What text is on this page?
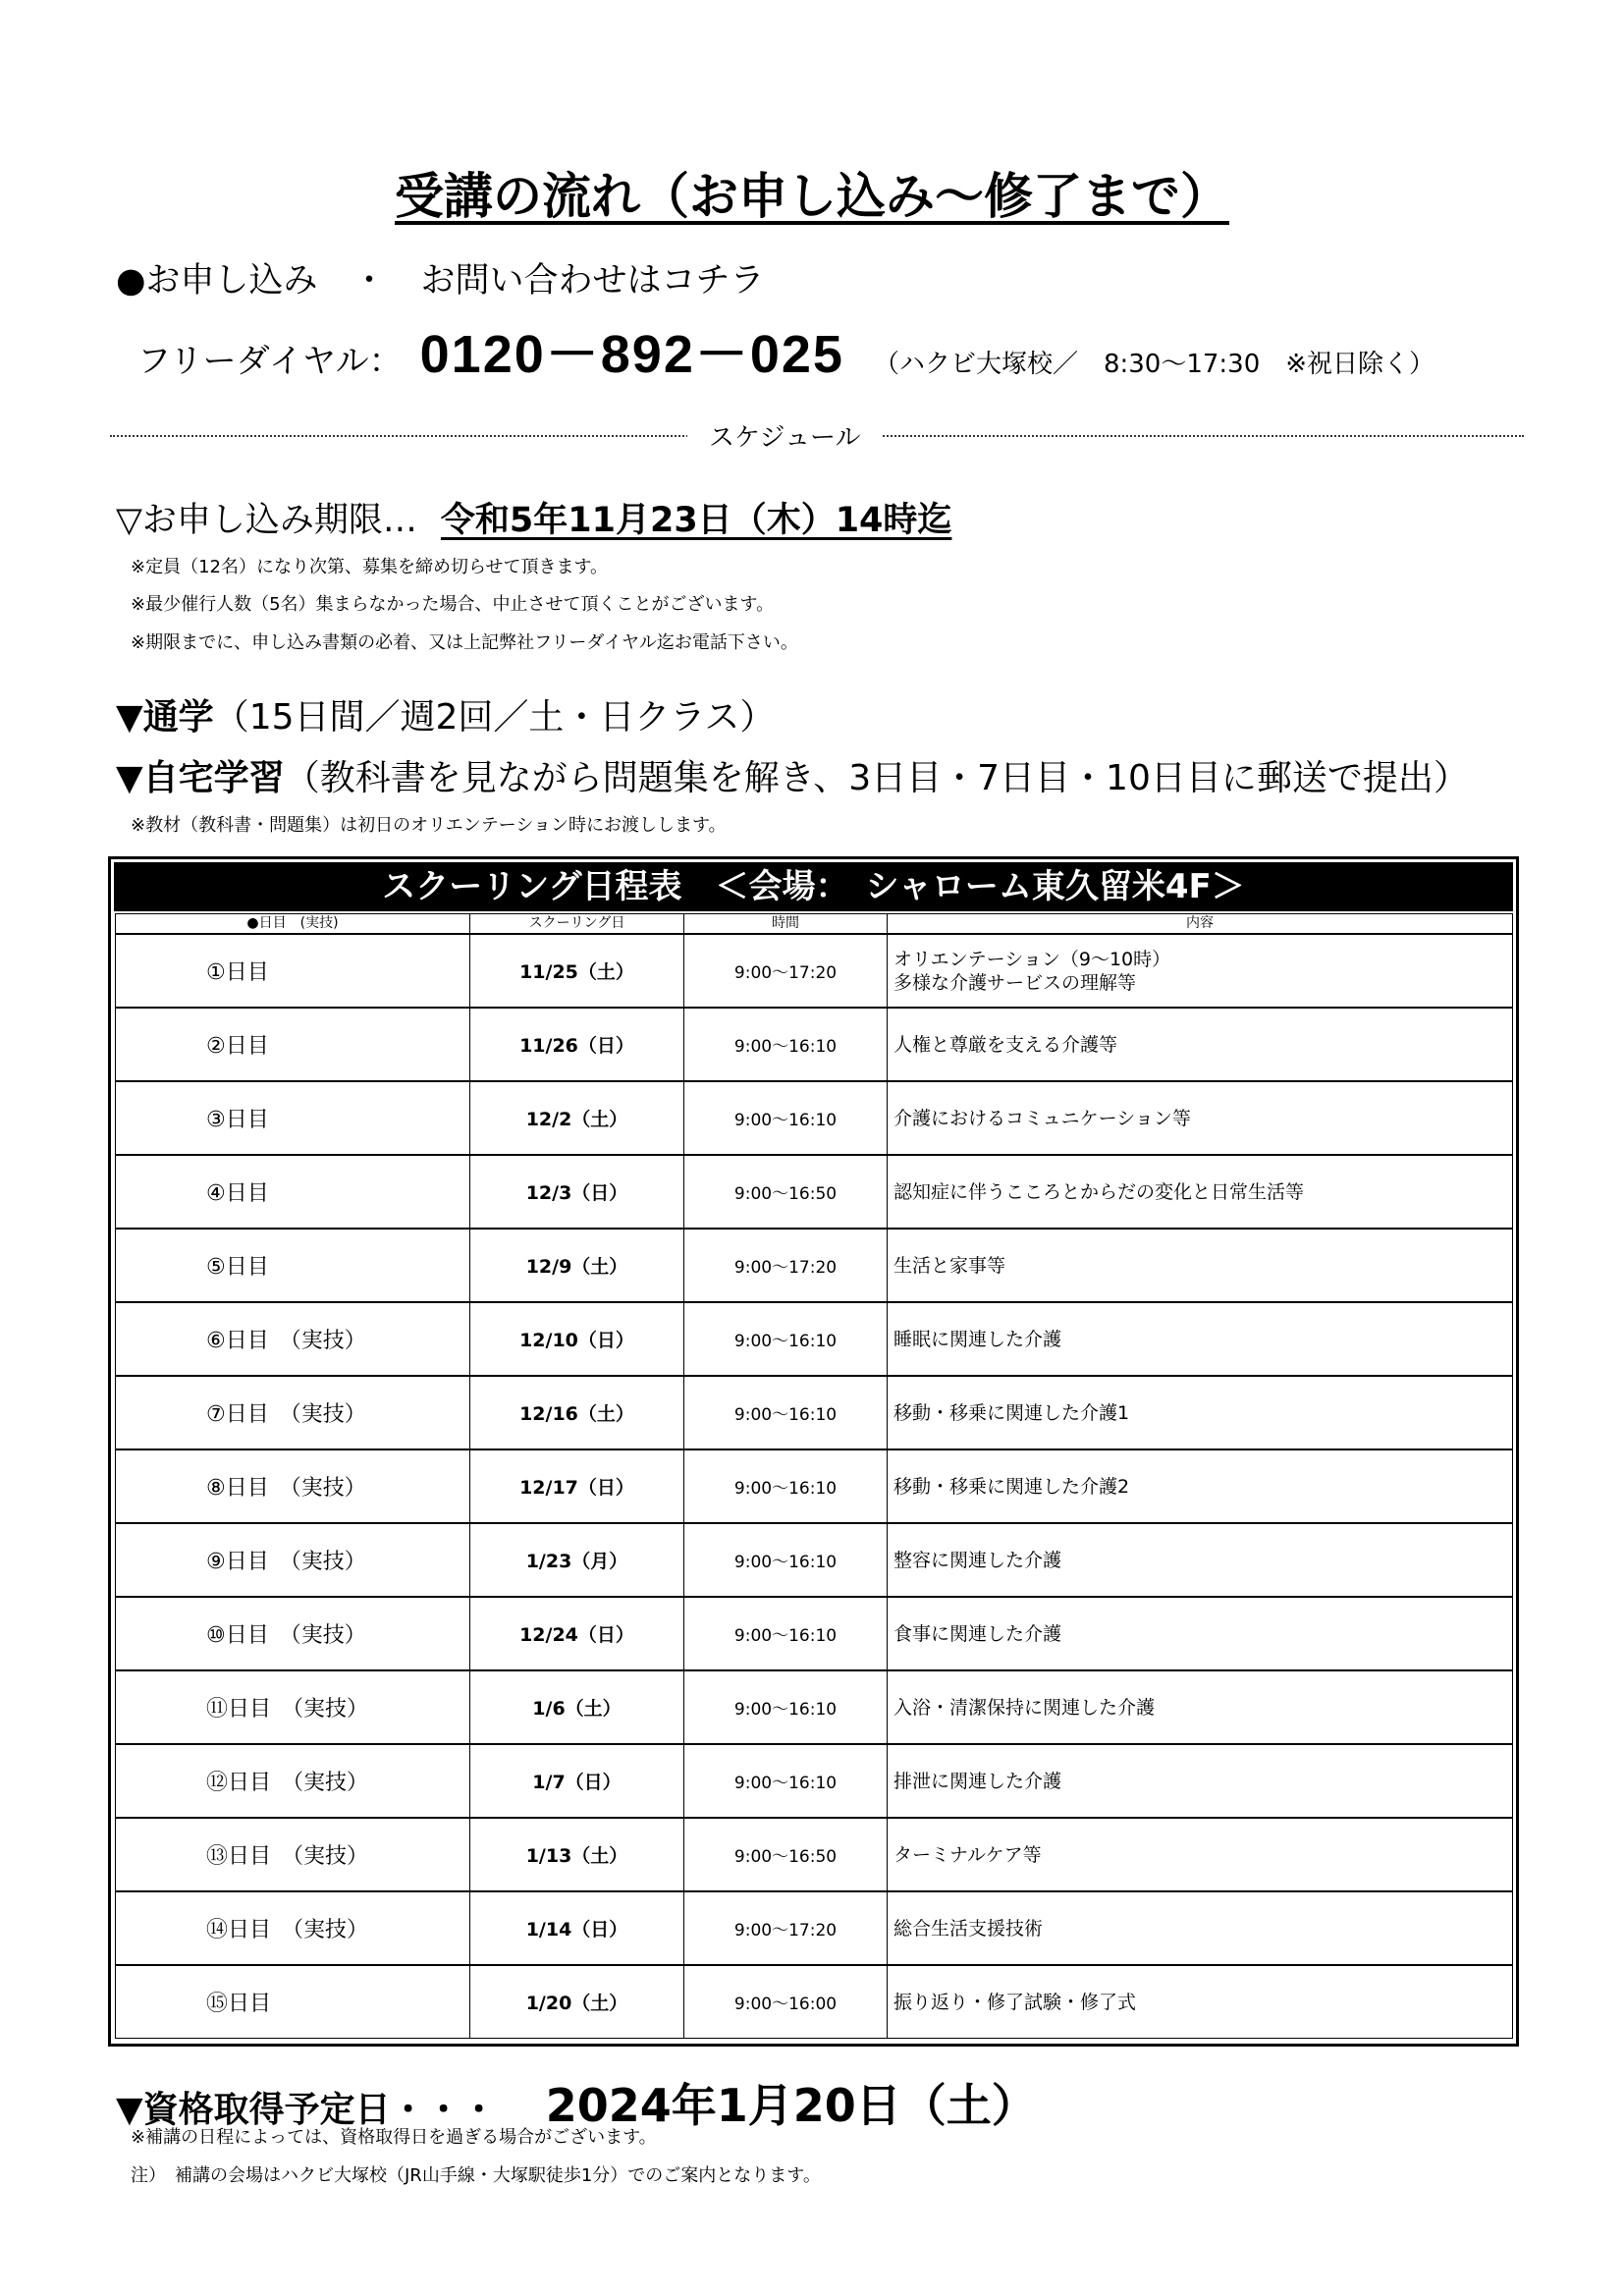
受講の流れ（お申し込み～修了まで）
●お申し込み　・　お問い合わせはコチラ
フリーダイヤル： 0120－892－025 （ハクビ大塚校／　8:30～17:30　※祝日除く）
スケジュール
▽お申し込み期限… 令和5年11月23日（木）14時迄
※定員（12名）になり次第、募集を締め切らせて頂きます。
※最少催行人数（5名）集まらなかった場合、中止させて頂くことがございます。
※期限までに、申し込み書類の必着、又は上記弊社フリーダイヤル迄お電話下さい。
▼通学（15日間／週2回／土・日クラス）
▼自宅学習（教科書を見ながら問題集を解き、3日目・7日目・10日目に郵送で提出）
※教材（教科書・問題集）は初日のオリエンテーション時にお渡しします。
スクーリング日程表　＜会場：　シャローム東久留米4F＞
●日目　(実技)	スクーリング日	時間	内容
①日目	11/25（土）	9:00～17:20	オリエンテーション（9～10時）
多様な介護サービスの理解等
②日目	11/26（日）	9:00～16:10	人権と尊厳を支える介護等
③日目	12/2（土）	9:00～16:10	介護におけるコミュニケーション等
④日目	12/3（日）	9:00～16:50	認知症に伴うこころとからだの変化と日常生活等
⑤日目	12/9（土）	9:00～17:20	生活と家事等
⑥日目　（実技）	12/10（日）	9:00～16:10	睡眠に関連した介護
⑦日目　（実技）	12/16（土）	9:00～16:10	移動・移乗に関連した介護1
⑧日目　（実技）	12/17（日）	9:00～16:10	移動・移乗に関連した介護2
⑨日目　（実技）	1/23（月）	9:00～16:10	整容に関連した介護
⑩日目　（実技）	12/24（日）	9:00～16:10	食事に関連した介護
⑪日目　（実技）	1/6（土）	9:00～16:10	入浴・清潔保持に関連した介護
⑫日目　（実技）	1/7（日）	9:00～16:10	排泄に関連した介護
⑬日目　（実技）	1/13（土）	9:00～16:50	ターミナルケア等
⑭日目　（実技）	1/14（日）	9:00～17:20	総合生活支援技術
⑮日目	1/20（土）	9:00～16:00	振り返り・修了試験・修了式
▼資格取得予定日・・・ 2024年1月20日（土）
※補講の日程によっては、資格取得日を過ぎる場合がございます。
注）　補講の会場はハクビ大塚校（JR山手線・大塚駅徒歩1分）でのご案内となります。
